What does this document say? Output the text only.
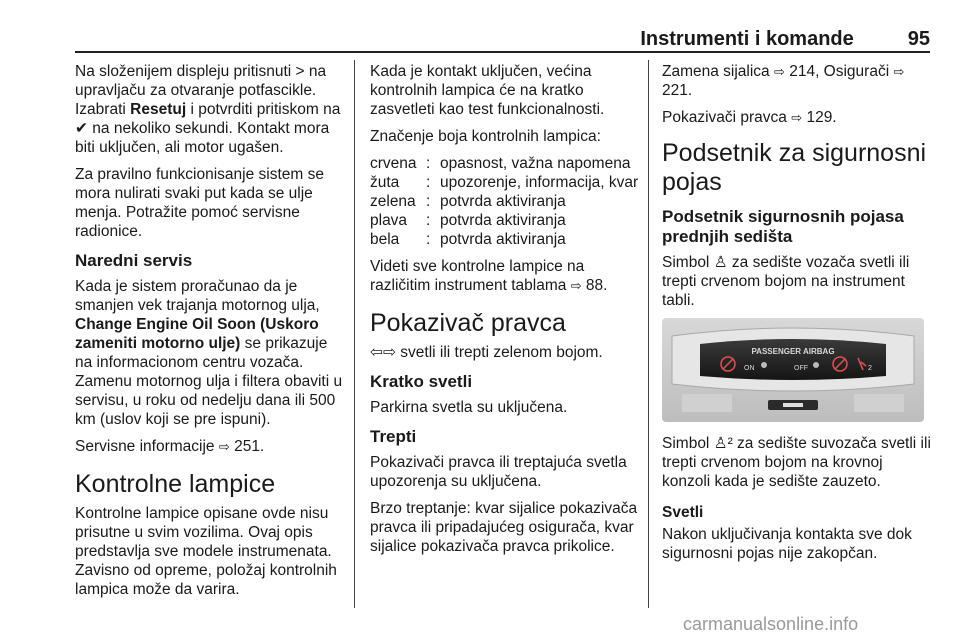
Instrumenti i komande	95

Na složenijem displeju pritisnuti > na upravljaču za otvaranje potfascikle. Izabrati Resetuj i potvrditi pritiskom na ✔ na nekoliko sekundi. Kontakt mora biti uključen, ali motor ugašen.

Za pravilno funkcionisanje sistem se mora nulirati svaki put kada se ulje menja. Potražite pomoć servisne radionice.

Naredni servis

Kada je sistem proračunao da je smanjen vek trajanja motornog ulja, Change Engine Oil Soon (Uskoro zameniti motorno ulje) se prikazuje na informacionom centru vozača. Zamenu motornog ulja i filtera obaviti u servisu, u roku od nedelju dana ili 500 km (uslov koji se pre ispuni).

Servisne informacije ⇨ 251.

Kontrolne lampice

Kontrolne lampice opisane ovde nisu prisutne u svim vozilima. Ovaj opis predstavlja sve modele instrumenata. Zavisno od opreme, položaj kontrolnih lampica može da varira.

Kada je kontakt uključen, većina kontrolnih lampica će na kratko zasvetleti kao test funkcionalnosti.

Značenje boja kontrolnih lampica:

crvena : opasnost, važna napomena
žuta	: upozorenje, informacija, kvar
zelena : potvrda aktiviranja
plava	: potvrda aktiviranja
bela	: potvrda aktiviranja

Videti sve kontrolne lampice na različitim instrument tablama ⇨ 88.

Pokazivač pravca

⇦⇨ svetli ili trepti zelenom bojom.

Kratko svetli

Parkirna svetla su uključena.

Trepti

Pokazivači pravca ili treptajuća svetla upozorenja su uključena.

Brzo treptanje: kvar sijalice pokazivača pravca ili pripadajućeg osigurača, kvar sijalice pokazivača pravca prikolice.

Zamena sijalica ⇨ 214, Osigurači ⇨ 221.

Pokazivači pravca ⇨ 129.

Podsetnik za sigurnosni pojas
Podsetnik sigurnosnih pojasa prednjih sedišta

Simbol ♙ za sedište vozača svetli ili trepti crvenom bojom na instrument tabli.

PASSENGER AIRBAG
ON	OFF	2

Simbol ♙² za sedište suvozača svetli ili trepti crvenom bojom na krovnoj konzoli kada je sedište zauzeto.

Svetli

Nakon uključivanja kontakta sve dok sigurnosni pojas nije zakopčan.

carmanualsonline.info
